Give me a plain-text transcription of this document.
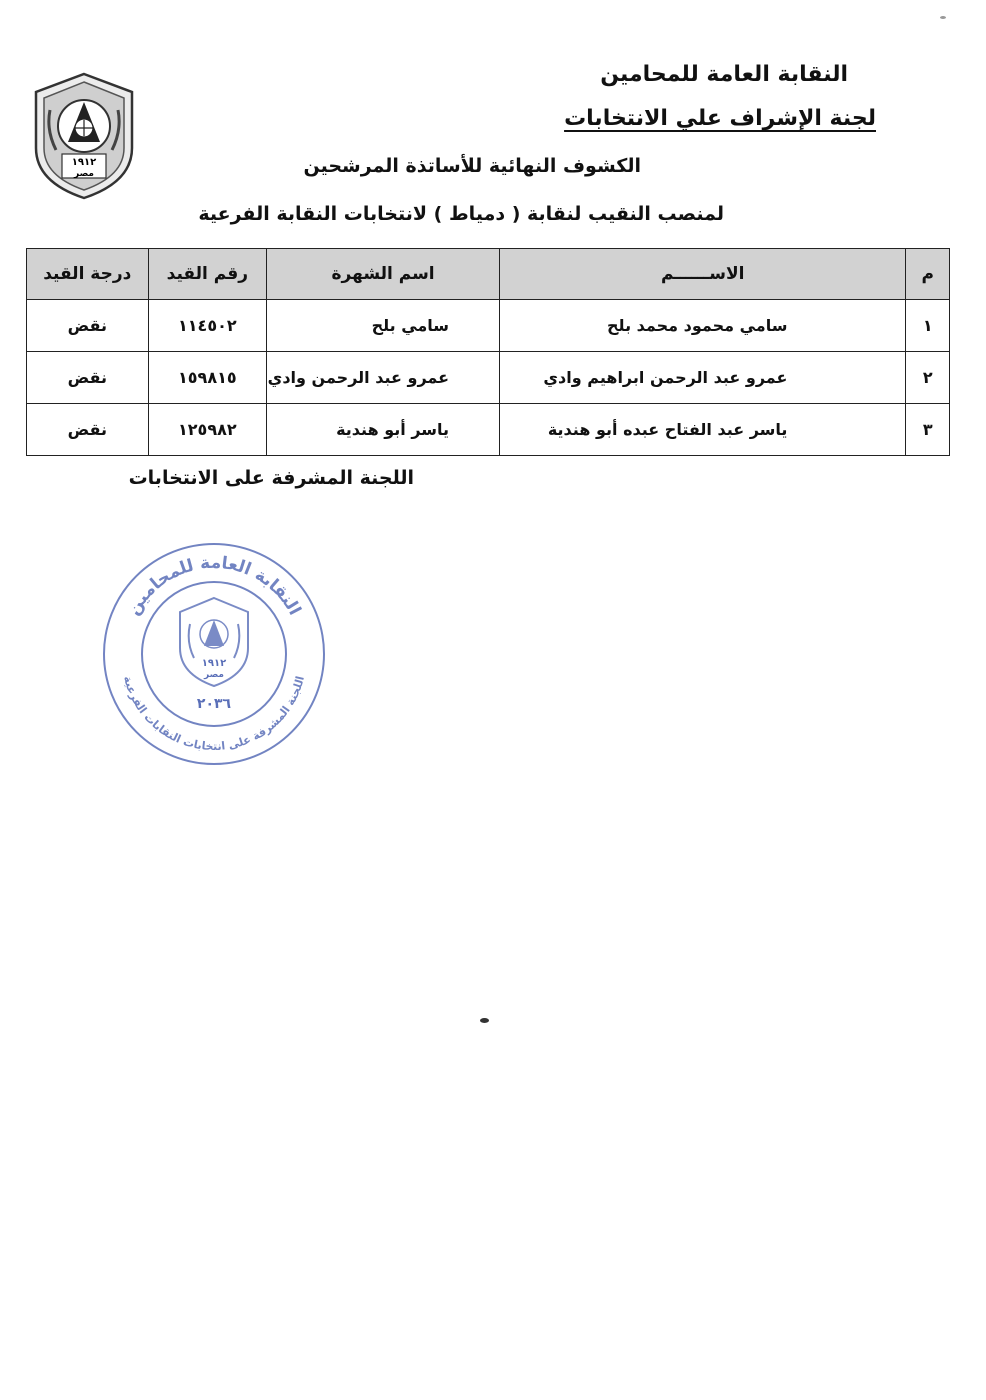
١٩١٢
مصر
النقابة العامة للمحامين
لجنة الإشراف علي الانتخابات
الكشوف النهائية للأساتذة المرشحين
لمنصب النقيب لنقابة ( دمياط ) لانتخابات النقابة الفرعية
م	الاســــــم	اسم الشهرة	رقم القيد	درجة القيد
١	سامي محمود محمد بلح	سامي بلح	١١٤٥٠٢	نقض
٢	عمرو عبد الرحمن ابراهيم وادي	عمرو عبد الرحمن وادي	١٥٩٨١٥	نقض
٣	ياسر عبد الفتاح عبده أبو هندية	ياسر أبو هندية	١٢٥٩٨٢	نقض
اللجنة المشرفة على الانتخابات
النقابة العامة للمحامين
اللجنة المشرفة على انتخابات النقابات الفرعية
١٩١٢
مصر
٢٠٣٦
